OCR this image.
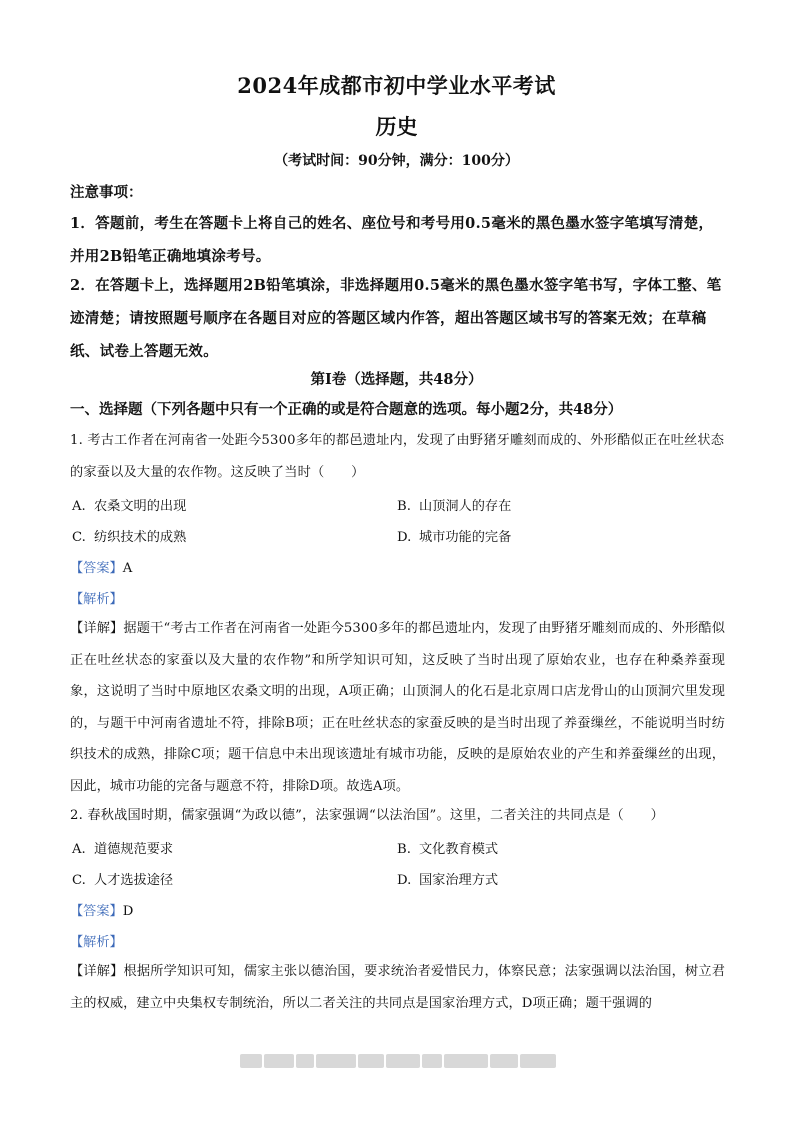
2024年成都市初中学业水平考试
历史
（考试时间：90分钟，满分：100分）
注意事项：
1．答题前，考生在答题卡上将自己的姓名、座位号和考号用0.5毫米的黑色墨水签字笔填写清楚，并用2B铅笔正确地填涂考号。
2．在答题卡上，选择题用2B铅笔填涂，非选择题用0.5毫米的黑色墨水签字笔书写，字体工整、笔迹清楚；请按照题号顺序在各题目对应的答题区域内作答，超出答题区域书写的答案无效；在草稿纸、试卷上答题无效。
第Ⅰ卷（选择题，共48分）
一、选择题（下列各题中只有一个正确的或是符合题意的选项。每小题2分，共48分）
1. 考古工作者在河南省一处距今5300多年的都邑遗址内，发现了由野猪牙雕刻而成的、外形酷似正在吐丝状态的家蚕以及大量的农作物。这反映了当时（　　）
A. 农桑文明的出现	B. 山顶洞人的存在
C. 纺织技术的成熟	D. 城市功能的完备
【答案】A
【解析】
【详解】据题干“考古工作者在河南省一处距今5300多年的都邑遗址内，发现了由野猪牙雕刻而成的、外形酷似正在吐丝状态的家蚕以及大量的农作物”和所学知识可知，这反映了当时出现了原始农业，也存在种桑养蚕现象，这说明了当时中原地区农桑文明的出现，A项正确；山顶洞人的化石是北京周口店龙骨山的山顶洞穴里发现的，与题干中河南省遗址不符，排除B项；正在吐丝状态的家蚕反映的是当时出现了养蚕缫丝，不能说明当时纺织技术的成熟，排除C项；题干信息中未出现该遗址有城市功能，反映的是原始农业的产生和养蚕缫丝的出现，因此，城市功能的完备与题意不符，排除D项。故选A项。
2. 春秋战国时期，儒家强调“为政以德”，法家强调“以法治国”。这里，二者关注的共同点是（　　）
A. 道德规范要求	B. 文化教育模式
C. 人才选拔途径	D. 国家治理方式
【答案】D
【解析】
【详解】根据所学知识可知，儒家主张以德治国，要求统治者爱惜民力，体察民意；法家强调以法治国，树立君主的权威，建立中央集权专制统治，所以二者关注的共同点是国家治理方式，D项正确；题干强调的
